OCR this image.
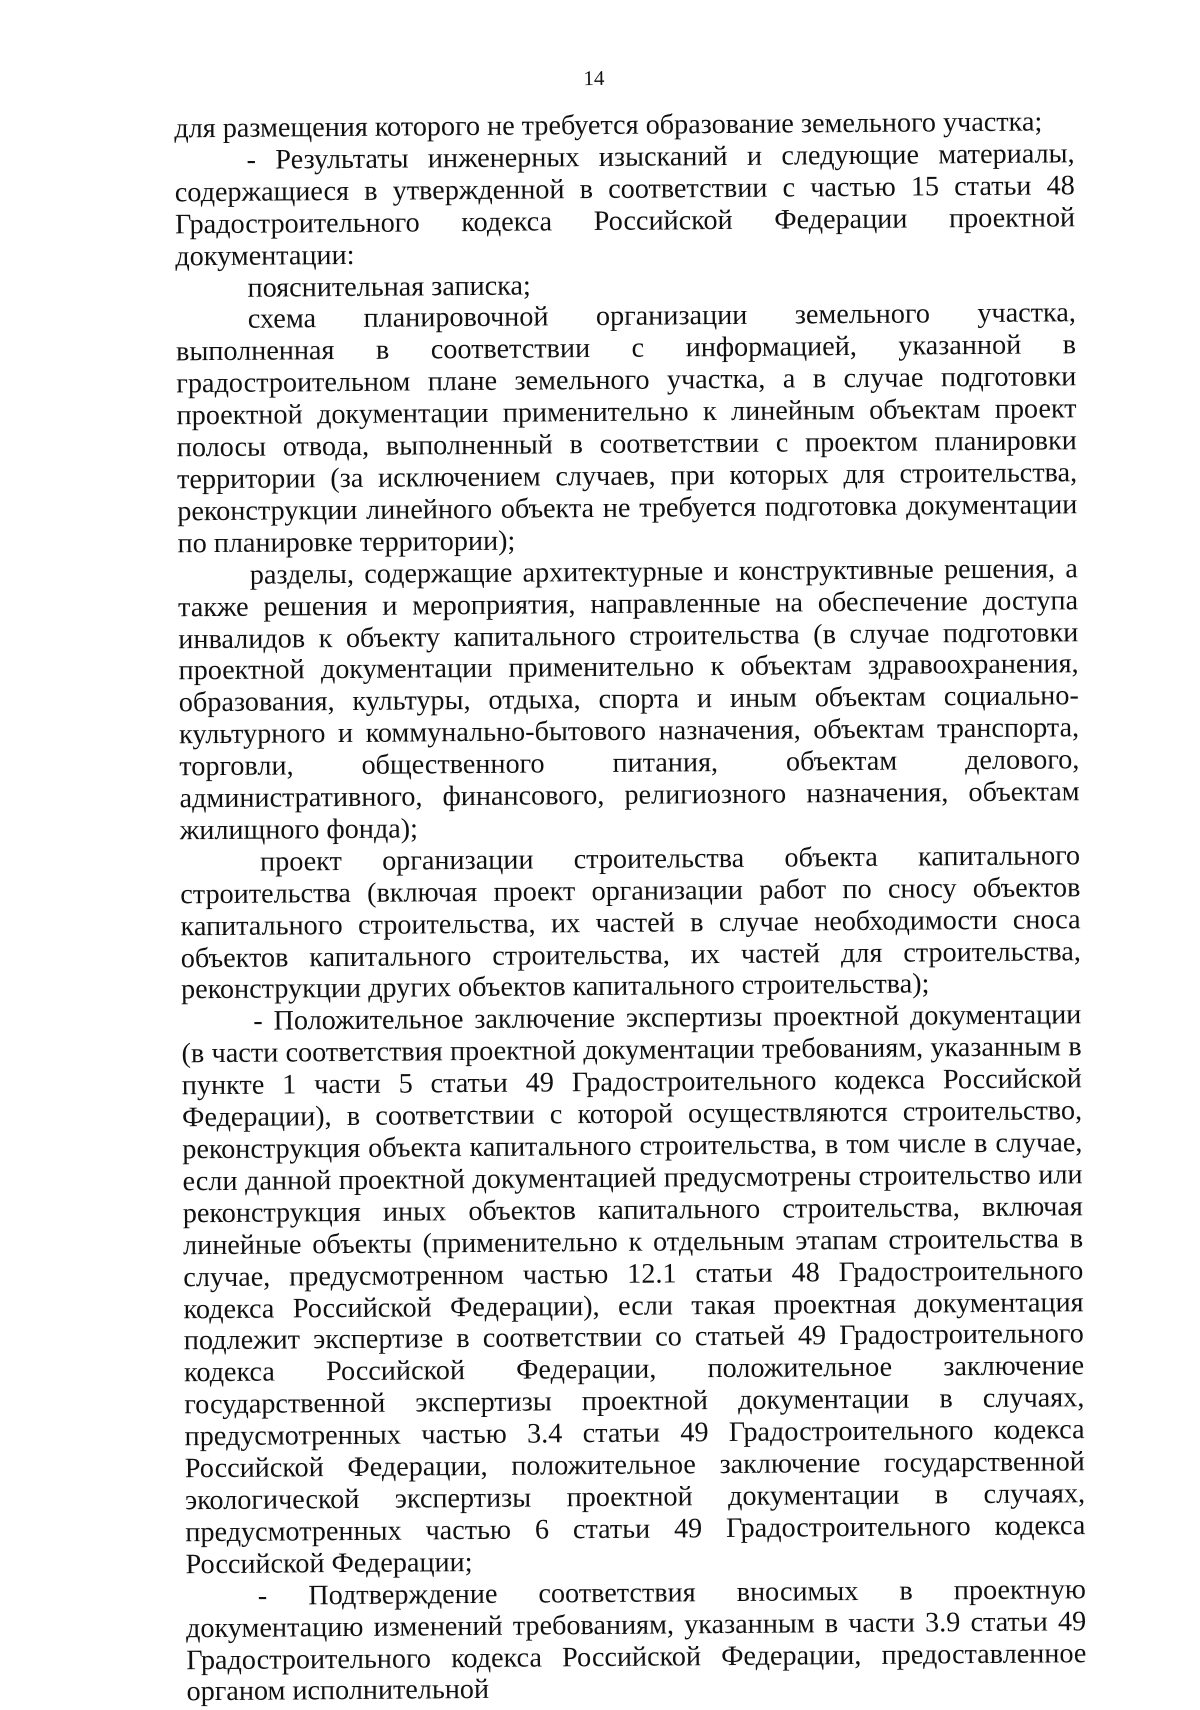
14

для размещения которого не требуется образование земельного участка;

- Результаты инженерных изысканий и следующие материалы, содержащиеся в утвержденной в соответствии с частью 15 статьи 48 Градостроительного кодекса Российской Федерации проектной документации:

пояснительная записка;

схема планировочной организации земельного участка, выполненная в соответствии с информацией, указанной в градостроительном плане земельного участка, а в случае подготовки проектной документации применительно к линейным объектам проект полосы отвода, выполненный в соответствии с проектом планировки территории (за исключением случаев, при которых для строительства, реконструкции линейного объекта не требуется подготовка документации по планировке территории);

разделы, содержащие архитектурные и конструктивные решения, а также решения и мероприятия, направленные на обеспечение доступа инвалидов к объекту капитального строительства (в случае подготовки проектной документации применительно к объектам здравоохранения, образования, культуры, отдыха, спорта и иным объектам социально-культурного и коммунально-бытового назначения, объектам транспорта, торговли, общественного питания, объектам делового, административного, финансового, религиозного назначения, объектам жилищного фонда);

проект организации строительства объекта капитального строительства (включая проект организации работ по сносу объектов капитального строительства, их частей в случае необходимости сноса объектов капитального строительства, их частей для строительства, реконструкции других объектов капитального строительства);

- Положительное заключение экспертизы проектной документации (в части соответствия проектной документации требованиям, указанным в пункте 1 части 5 статьи 49 Градостроительного кодекса Российской Федерации), в соответствии с которой осуществляются строительство, реконструкция объекта капитального строительства, в том числе в случае, если данной проектной документацией предусмотрены строительство или реконструкция иных объектов капитального строительства, включая линейные объекты (применительно к отдельным этапам строительства в случае, предусмотренном частью 12.1 статьи 48 Градостроительного кодекса Российской Федерации), если такая проектная документация подлежит экспертизе в соответствии со статьей 49 Градостроительного кодекса Российской Федерации, положительное заключение государственной экспертизы проектной документации в случаях, предусмотренных частью 3.4 статьи 49 Градостроительного кодекса Российской Федерации, положительное заключение государственной экологической экспертизы проектной документации в случаях, предусмотренных частью 6 статьи 49 Градостроительного кодекса Российской Федерации;

- Подтверждение соответствия вносимых в проектную документацию изменений требованиям, указанным в части 3.9 статьи 49 Градостроительного кодекса Российской Федерации, предоставленное органом исполнительной
